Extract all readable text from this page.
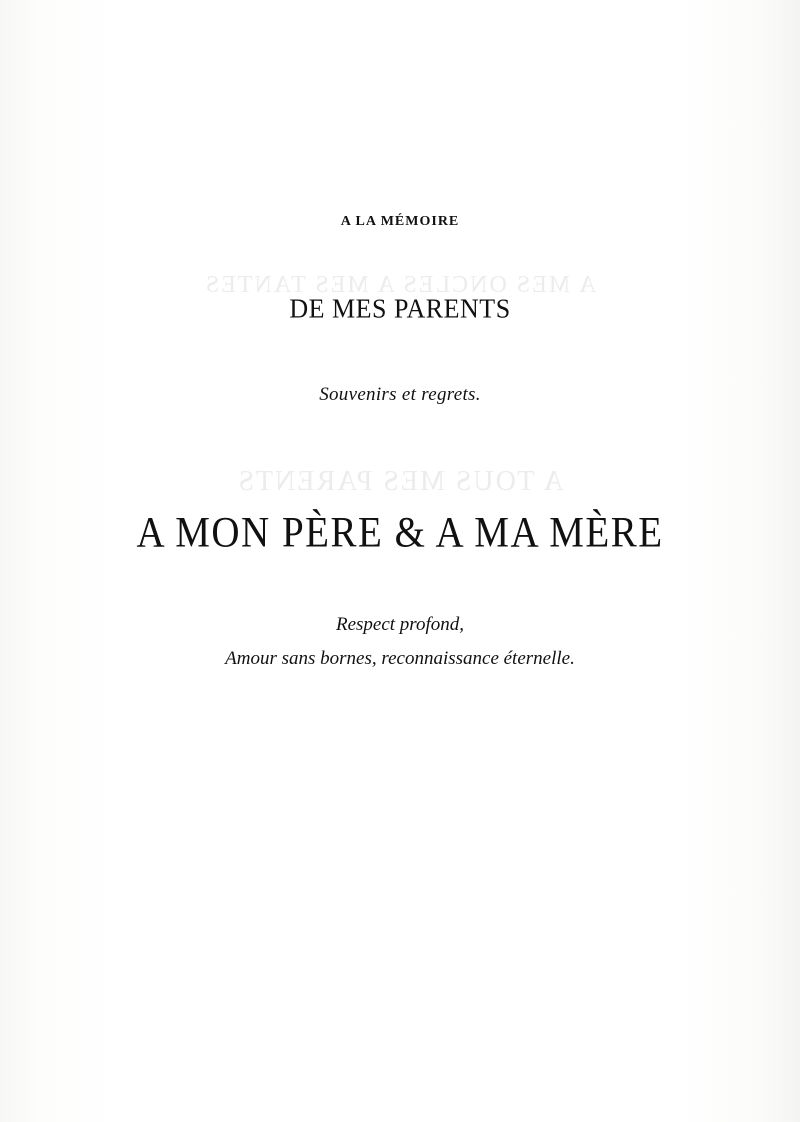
A MES ONCLES A MES TANTES
A TOUS MES PARENTS
A LA MÉMOIRE
DE MES PARENTS
Souvenirs et regrets.
A MON PÈRE & A MA MÈRE
Respect profond,
Amour sans bornes, reconnaissance éternelle.
